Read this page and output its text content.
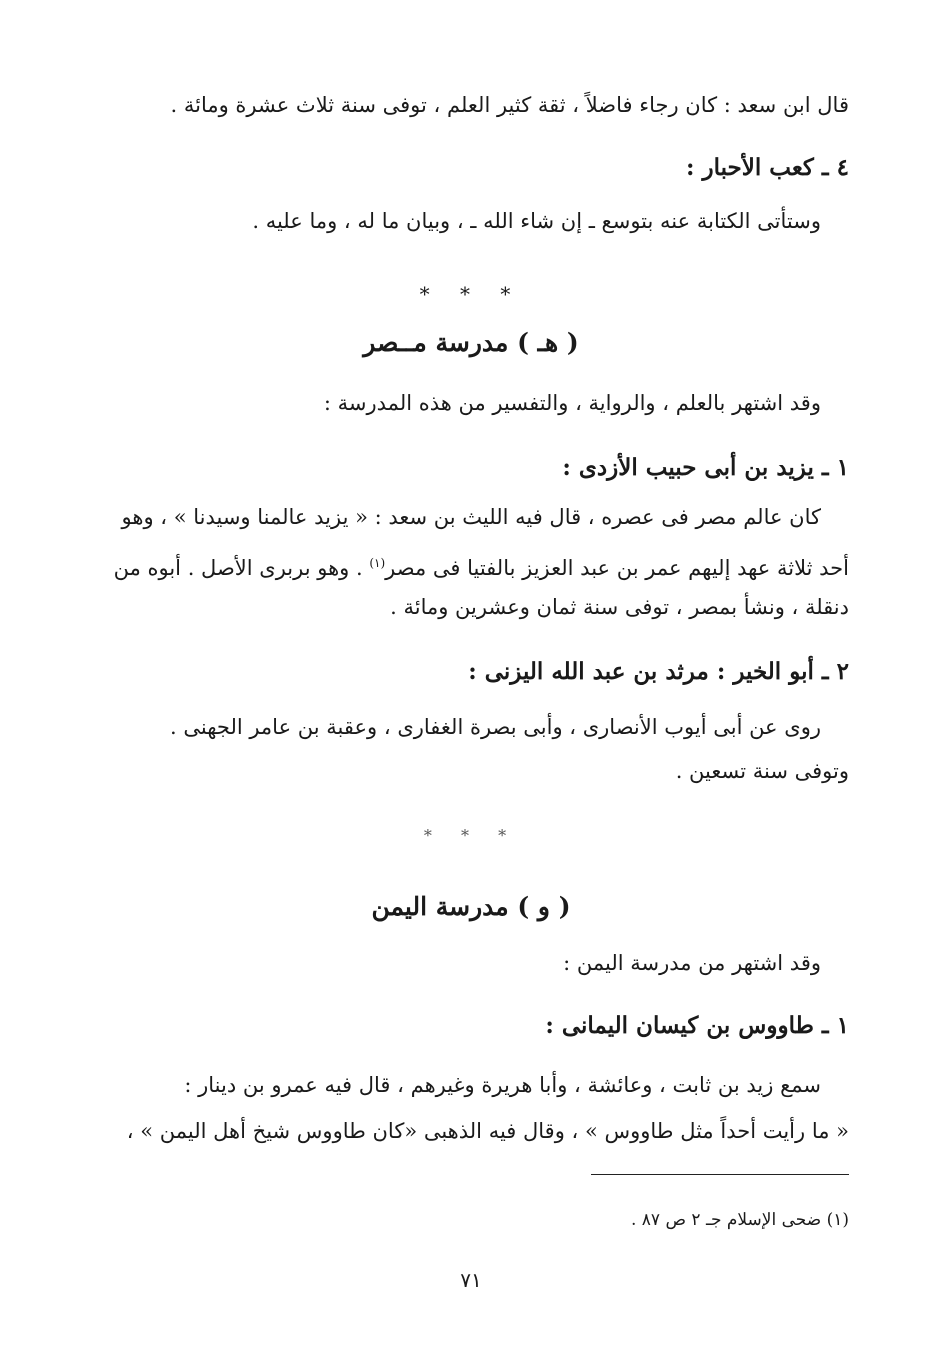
قال ابن سعد : كان رجاء فاضلاً ، ثقة كثير العلم ، توفى سنة ثلاث عشرة ومائة .
٤ ـ كعب الأحبار :
وستأتى الكتابة عنه بتوسع ـ إن شاء الله ـ ، وبيان ما له ، وما عليه .
* * *
( هـ ) مدرسة مــصر
وقد اشتهر بالعلم ، والرواية ، والتفسير من هذه المدرسة :
١ ـ يزيد بن أبى حبيب الأزدى :
كان عالم مصر فى عصره ، قال فيه الليث بن سعد : « يزيد عالمنا وسيدنا » ، وهو
أحد ثلاثة عهد إليهم عمر بن عبد العزيز بالفتيا فى مصر$^{(١)}$ . وهو بربرى الأصل . أبوه من
دنقلة ، ونشأ بمصر ، توفى سنة ثمان وعشرين ومائة .
٢ ـ أبو الخير : مرثد بن عبد الله اليزنى :
روى عن أبى أيوب الأنصارى ، وأبى بصرة الغفارى ، وعقبة بن عامر الجهنى .
وتوفى سنة تسعين .
* * *
( و ) مدرسة اليمن
وقد اشتهر من مدرسة اليمن :
١ ـ طاووس بن كيسان اليمانى :
سمع زيد بن ثابت ، وعائشة ، وأبا هريرة وغيرهم ، قال فيه عمرو بن دينار :
« ما رأيت أحداً مثل طاووس » ، وقال فيه الذهبى «كان طاووس شيخ أهل اليمن » ،
(١) ضحى الإسلام جـ ٢ ص ٨٧ .
٧١
